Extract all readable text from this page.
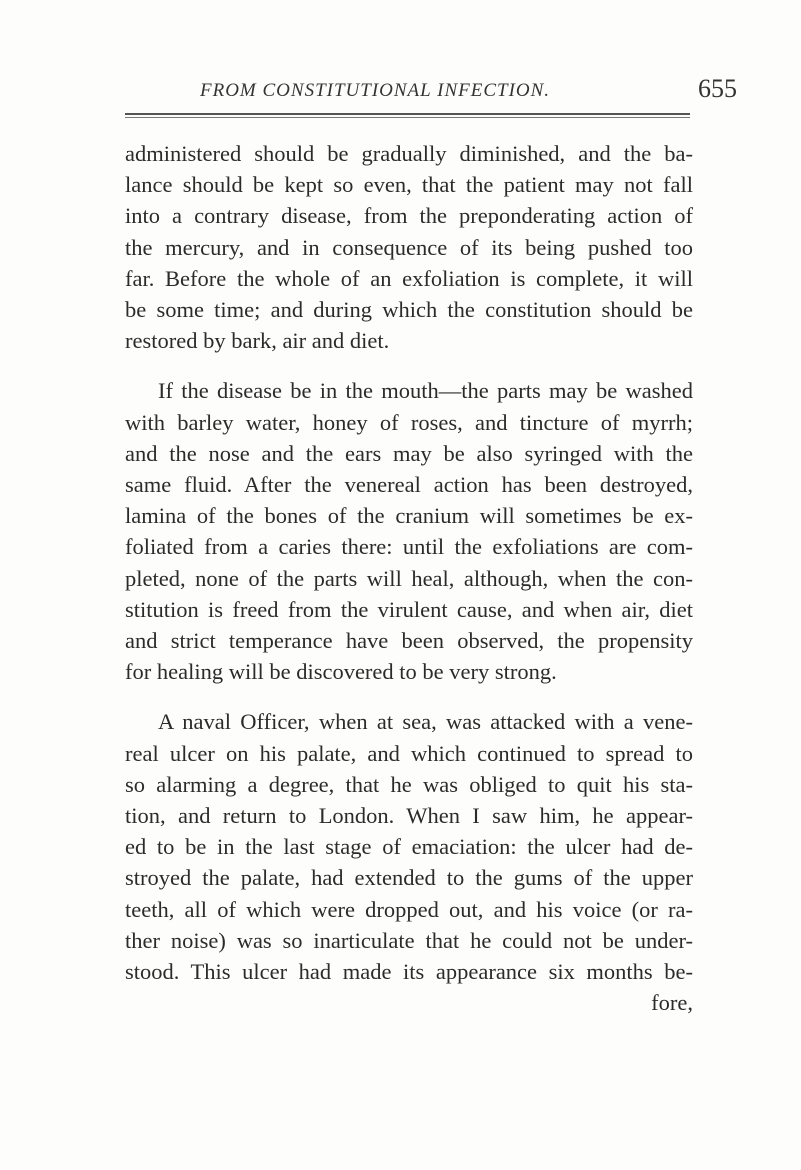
FROM CONSTITUTIONAL INFECTION.	655
administered should be gradually diminished, and the ba-
lance should be kept so even, that the patient may not fall
into a contrary disease, from the preponderating action of
the mercury, and in consequence of its being pushed too
far. Before the whole of an exfoliation is complete, it will
be some time; and during which the constitution should be
restored by bark, air and diet.
If the disease be in the mouth—the parts may be washed
with barley water, honey of roses, and tincture of myrrh;
and the nose and the ears may be also syringed with the
same fluid. After the venereal action has been destroyed,
lamina of the bones of the cranium will sometimes be ex-
foliated from a caries there: until the exfoliations are com-
pleted, none of the parts will heal, although, when the con-
stitution is freed from the virulent cause, and when air, diet
and strict temperance have been observed, the propensity
for healing will be discovered to be very strong.
A naval Officer, when at sea, was attacked with a vene-
real ulcer on his palate, and which continued to spread to
so alarming a degree, that he was obliged to quit his sta-
tion, and return to London. When I saw him, he appear-
ed to be in the last stage of emaciation: the ulcer had de-
stroyed the palate, had extended to the gums of the upper
teeth, all of which were dropped out, and his voice (or ra-
ther noise) was so inarticulate that he could not be under-
stood. This ulcer had made its appearance six months be-
fore,
